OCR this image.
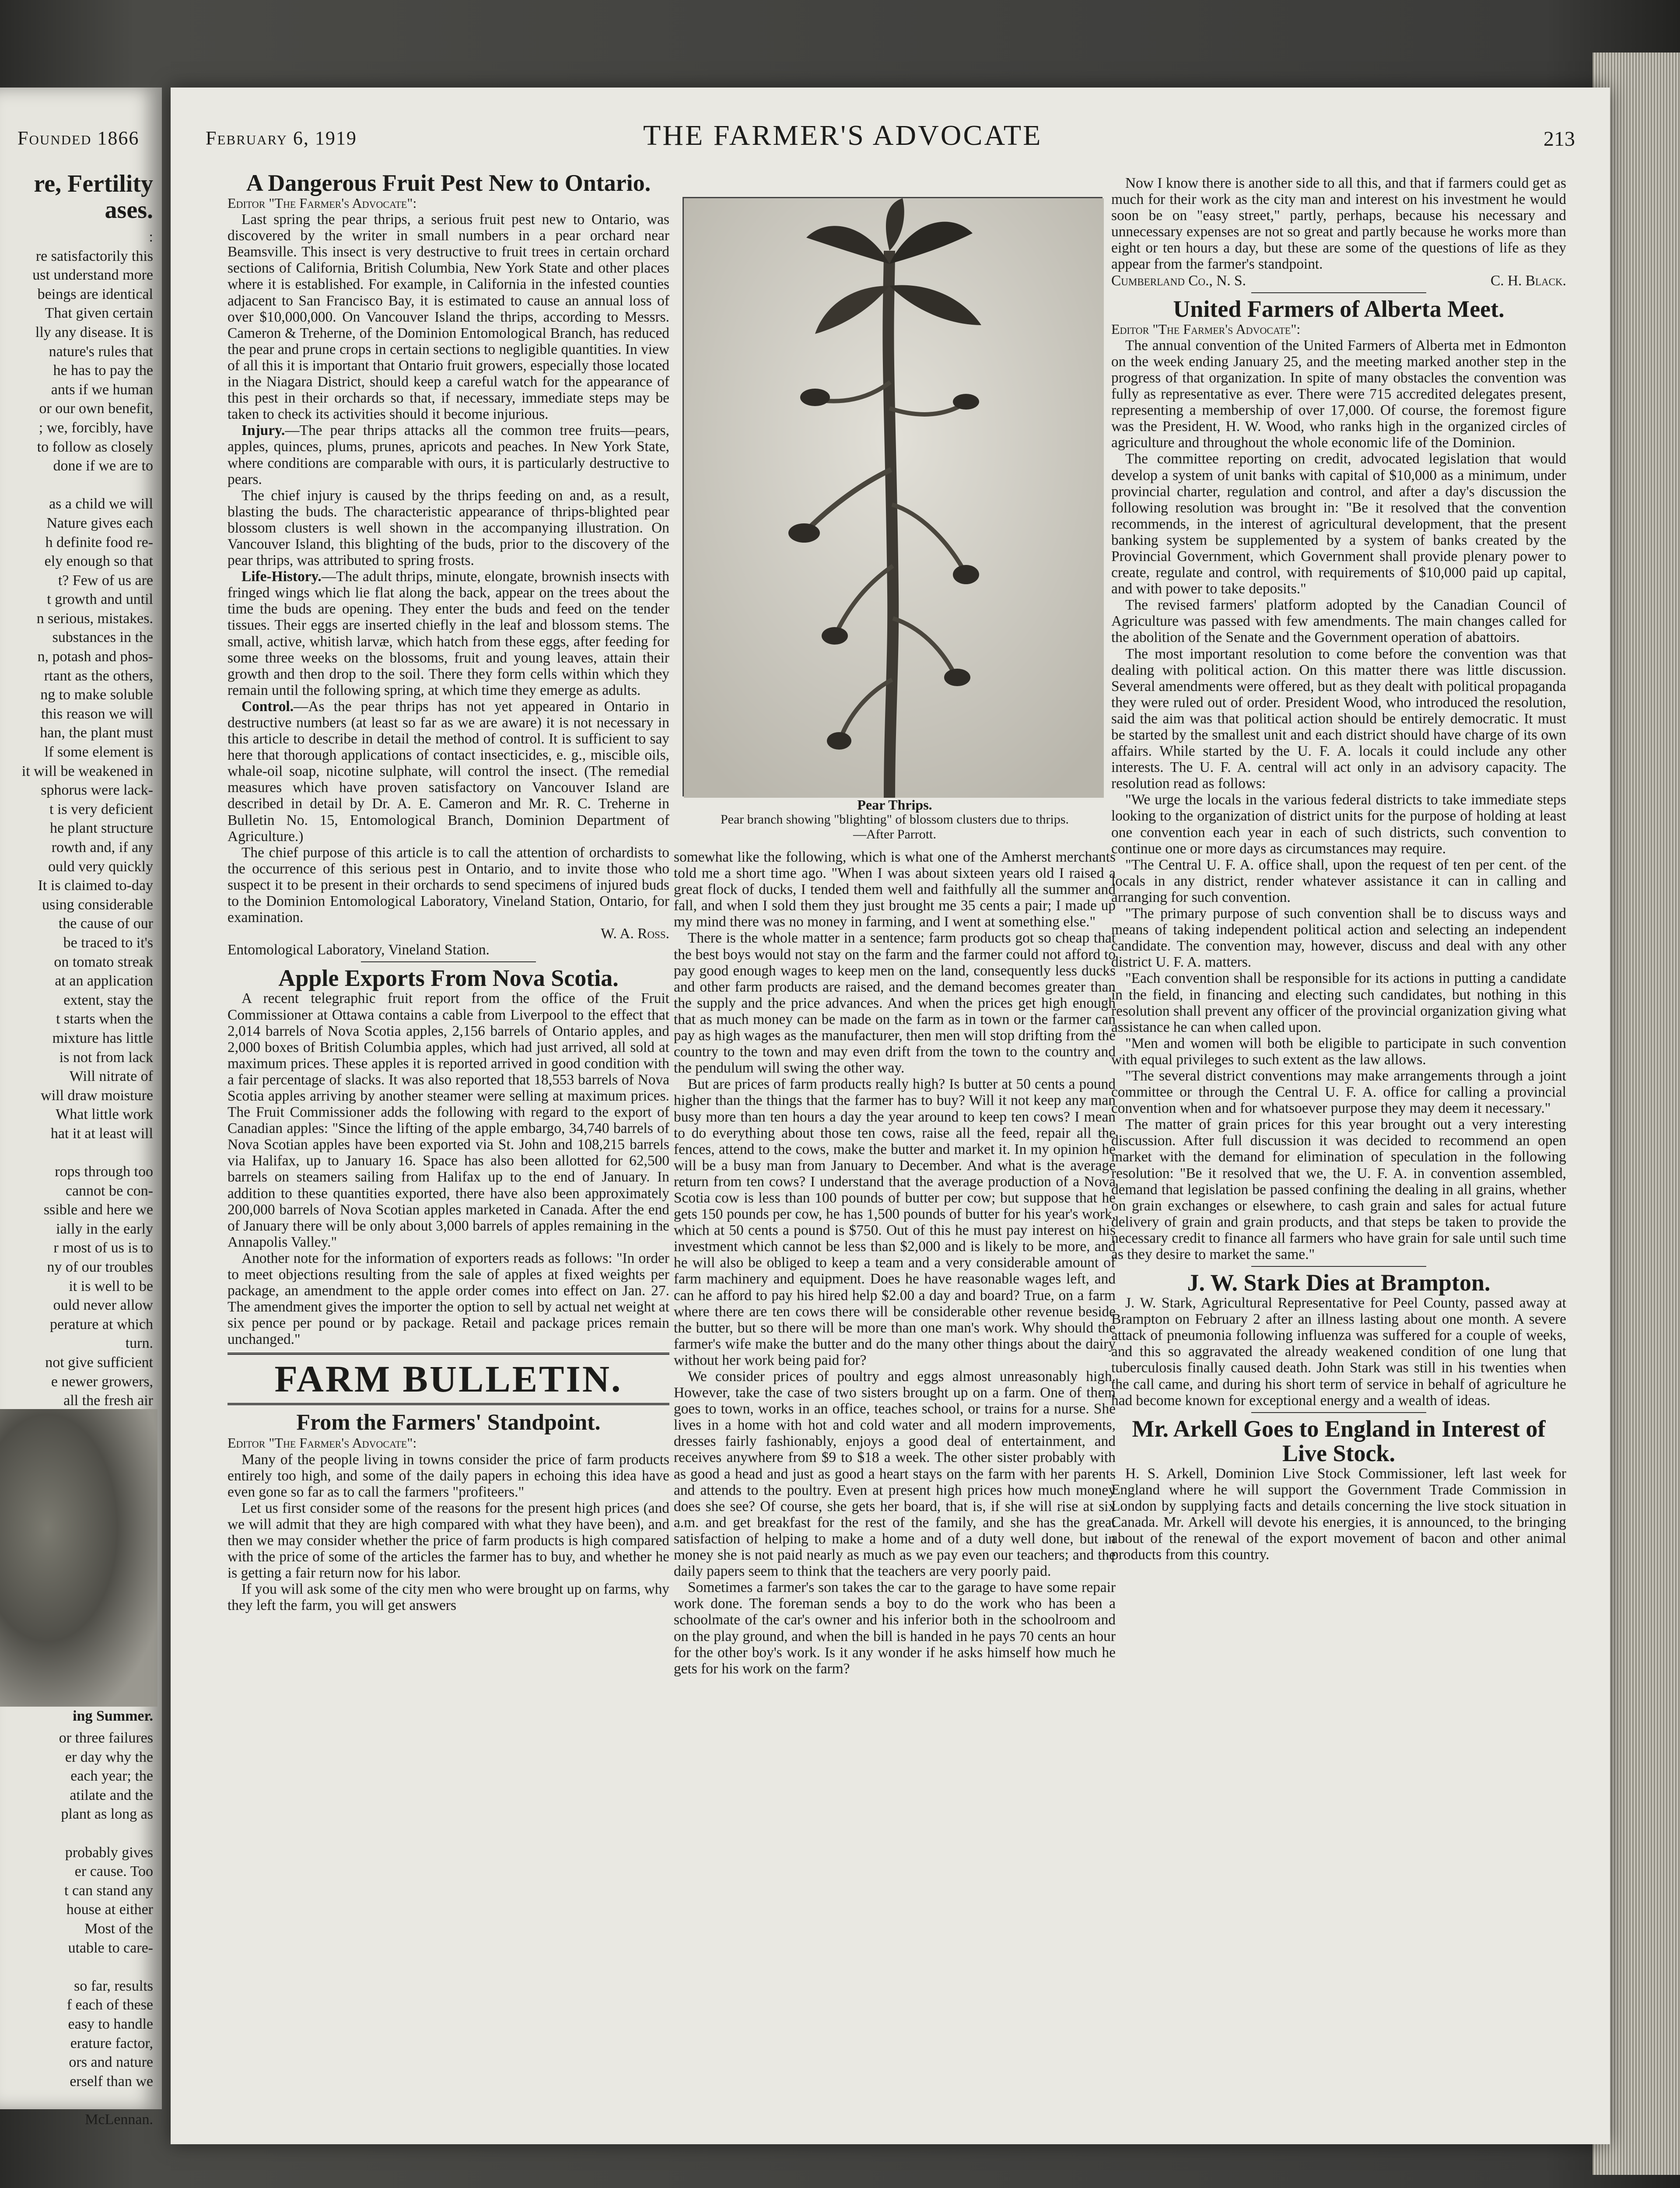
Founded 1866
re, Fertility
ases.
:
re satisfactorily this
ust understand more
beings are identical
That given certain
lly any disease. It is
nature's rules that
he has to pay the
ants if we human
or our own benefit,
; we, forcibly, have
to follow as closely
done if we are to

as a child we will
Nature gives each
h definite food re-
ely enough so that
t? Few of us are
t growth and until
n serious, mistakes.
substances in the
n, potash and phos-
rtant as the others,
ng to make soluble
this reason we will
han, the plant must
lf some element is
it will be weakened in
sphorus were lack-
t is very deficient
he plant structure
rowth and, if any
ould very quickly
It is claimed to-day
using considerable
the cause of our
be traced to it's
on tomato streak
at an application
extent, stay the
t starts when the
mixture has little
is not from lack
Will nitrate of
will draw moisture
What little work
hat it at least will

rops through too
cannot be con-
ssible and here we
ially in the early
r most of us is to
ny of our troubles
it is well to be
ould never allow
perature at which
turn.
not give sufficient
e newer growers,
all the fresh air
ing Summer.
or three failures
er day why the
each year; the
atilate and the
plant as long as

probably gives
er cause. Too
t can stand any
house at either
Most of the
utable to care-

so far, results
f each of these
easy to handle
erature factor,
ors and nature
erself than we

McLennan.
February 6, 1919	THE FARMER'S ADVOCATE	213
A Dangerous Fruit Pest New to Ontario.

Editor "The Farmer's Advocate":

Last spring the pear thrips, a serious fruit pest new to Ontario, was discovered by the writer in small numbers in a pear orchard near Beamsville. This insect is very destructive to fruit trees in certain orchard sections of California, British Columbia, New York State and other places where it is established. For example, in California in the infested counties adjacent to San Francisco Bay, it is estimated to cause an annual loss of over $10,000,000. On Vancouver Island the thrips, according to Messrs. Cameron & Treherne, of the Dominion Entomological Branch, has reduced the pear and prune crops in certain sections to negligible quantities. In view of all this it is important that Ontario fruit growers, especially those located in the Niagara District, should keep a careful watch for the appearance of this pest in their orchards so that, if necessary, immediate steps may be taken to check its activities should it become injurious.

Injury.—The pear thrips attacks all the common tree fruits—pears, apples, quinces, plums, prunes, apricots and peaches. In New York State, where conditions are comparable with ours, it is particularly destructive to pears.

The chief injury is caused by the thrips feeding on and, as a result, blasting the buds. The characteristic appearance of thrips-blighted pear blossom clusters is well shown in the accompanying illustration. On Vancouver Island, this blighting of the buds, prior to the discovery of the pear thrips, was attributed to spring frosts.

Life-History.—The adult thrips, minute, elongate, brownish insects with fringed wings which lie flat along the back, appear on the trees about the time the buds are opening. They enter the buds and feed on the tender tissues. Their eggs are inserted chiefly in the leaf and blossom stems. The small, active, whitish larvæ, which hatch from these eggs, after feeding for some three weeks on the blossoms, fruit and young leaves, attain their growth and then drop to the soil. There they form cells within which they remain until the following spring, at which time they emerge as adults.

Control.—As the pear thrips has not yet appeared in Ontario in destructive numbers (at least so far as we are aware) it is not necessary in this article to describe in detail the method of control. It is sufficient to say here that thorough applications of contact insecticides, e. g., miscible oils, whale-oil soap, nicotine sulphate, will control the insect. (The remedial measures which have proven satisfactory on Vancouver Island are described in detail by Dr. A. E. Cameron and Mr. R. C. Treherne in Bulletin No. 15, Entomological Branch, Dominion Department of Agriculture.)

The chief purpose of this article is to call the attention of orchardists to the occurrence of this serious pest in Ontario, and to invite those who suspect it to be present in their orchards to send specimens of injured buds to the Dominion Entomological Laboratory, Vineland Station, Ontario, for examination.

W. A. Ross.

Entomological Laboratory, Vineland Station.

Apple Exports From Nova Scotia.

A recent telegraphic fruit report from the office of the Fruit Commissioner at Ottawa contains a cable from Liverpool to the effect that 2,014 barrels of Nova Scotia apples, 2,156 barrels of Ontario apples, and 2,000 boxes of British Columbia apples, which had just arrived, all sold at maximum prices. These apples it is reported arrived in good condition with a fair percentage of slacks. It was also reported that 18,553 barrels of Nova Scotia apples arriving by another steamer were selling at maximum prices. The Fruit Commissioner adds the following with regard to the export of Canadian apples: "Since the lifting of the apple embargo, 34,740 barrels of Nova Scotian apples have been exported via St. John and 108,215 barrels via Halifax, up to January 16. Space has also been allotted for 62,500 barrels on steamers sailing from Halifax up to the end of January. In addition to these quantities exported, there have also been approximately 200,000 barrels of Nova Scotian apples marketed in Canada. After the end of January there will be only about 3,000 barrels of apples remaining in the Annapolis Valley."

Another note for the information of exporters reads as follows: "In order to meet objections resulting from the sale of apples at fixed weights per package, an amendment to the apple order comes into effect on Jan. 27. The amendment gives the importer the option to sell by actual net weight at six pence per pound or by package. Retail and package prices remain unchanged."

FARM BULLETIN.
From the Farmers' Standpoint.

Editor "The Farmer's Advocate":

Many of the people living in towns consider the price of farm products entirely too high, and some of the daily papers in echoing this idea have even gone so far as to call the farmers "profiteers."

Let us first consider some of the reasons for the present high prices (and we will admit that they are high compared with what they have been), and then we may consider whether the price of farm products is high compared with the price of some of the articles the farmer has to buy, and whether he is getting a fair return now for his labor.

If you will ask some of the city men who were brought up on farms, why they left the farm, you will get answers

Pear Thrips.
Pear branch showing "blighting" of blossom clusters due to thrips.
—After Parrott.

somewhat like the following, which is what one of the Amherst merchants told me a short time ago. "When I was about sixteen years old I raised a great flock of ducks, I tended them well and faithfully all the summer and fall, and when I sold them they just brought me 35 cents a pair; I made up my mind there was no money in farming, and I went at something else."

There is the whole matter in a sentence; farm products got so cheap that the best boys would not stay on the farm and the farmer could not afford to pay good enough wages to keep men on the land, consequently less ducks and other farm products are raised, and the demand becomes greater than the supply and the price advances. And when the prices get high enough that as much money can be made on the farm as in town or the farmer can pay as high wages as the manufacturer, then men will stop drifting from the country to the town and may even drift from the town to the country and the pendulum will swing the other way.

But are prices of farm products really high? Is butter at 50 cents a pound higher than the things that the farmer has to buy? Will it not keep any man busy more than ten hours a day the year around to keep ten cows? I mean to do everything about those ten cows, raise all the feed, repair all the fences, attend to the cows, make the butter and market it. In my opinion he will be a busy man from January to December. And what is the average return from ten cows? I understand that the average production of a Nova Scotia cow is less than 100 pounds of butter per cow; but suppose that he gets 150 pounds per cow, he has 1,500 pounds of butter for his year's work, which at 50 cents a pound is $750. Out of this he must pay interest on his investment which cannot be less than $2,000 and is likely to be more, and he will also be obliged to keep a team and a very considerable amount of farm machinery and equipment. Does he have reasonable wages left, and can he afford to pay his hired help $2.00 a day and board? True, on a farm where there are ten cows there will be considerable other revenue beside the butter, but so there will be more than one man's work. Why should the farmer's wife make the butter and do the many other things about the dairy without her work being paid for?

We consider prices of poultry and eggs almost unreasonably high. However, take the case of two sisters brought up on a farm. One of them goes to town, works in an office, teaches school, or trains for a nurse. She lives in a home with hot and cold water and all modern improvements, dresses fairly fashionably, enjoys a good deal of entertainment, and receives anywhere from $9 to $18 a week. The other sister probably with as good a head and just as good a heart stays on the farm with her parents and attends to the poultry. Even at present high prices how much money does she see? Of course, she gets her board, that is, if she will rise at six a.m. and get breakfast for the rest of the family, and she has the great satisfaction of helping to make a home and of a duty well done, but in money she is not paid nearly as much as we pay even our teachers; and the daily papers seem to think that the teachers are very poorly paid.

Sometimes a farmer's son takes the car to the garage to have some repair work done. The foreman sends a boy to do the work who has been a schoolmate of the car's owner and his inferior both in the schoolroom and on the play ground, and when the bill is handed in he pays 70 cents an hour for the other boy's work. Is it any wonder if he asks himself how much he gets for his work on the farm?

Now I know there is another side to all this, and that if farmers could get as much for their work as the city man and interest on his investment he would soon be on "easy street," partly, perhaps, because his necessary and unnecessary expenses are not so great and partly because he works more than eight or ten hours a day, but these are some of the questions of life as they appear from the farmer's standpoint.

Cumberland Co., N. S.	C. H. Black.
United Farmers of Alberta Meet.

Editor "The Farmer's Advocate":

The annual convention of the United Farmers of Alberta met in Edmonton on the week ending January 25, and the meeting marked another step in the progress of that organization. In spite of many obstacles the convention was fully as representative as ever. There were 715 accredited delegates present, representing a membership of over 17,000. Of course, the foremost figure was the President, H. W. Wood, who ranks high in the organized circles of agriculture and throughout the whole economic life of the Dominion.

The committee reporting on credit, advocated legislation that would develop a system of unit banks with capital of $10,000 as a minimum, under provincial charter, regulation and control, and after a day's discussion the following resolution was brought in: "Be it resolved that the convention recommends, in the interest of agricultural development, that the present banking system be supplemented by a system of banks created by the Provincial Government, which Government shall provide plenary power to create, regulate and control, with requirements of $10,000 paid up capital, and with power to take deposits."

The revised farmers' platform adopted by the Canadian Council of Agriculture was passed with few amendments. The main changes called for the abolition of the Senate and the Government operation of abattoirs.

The most important resolution to come before the convention was that dealing with political action. On this matter there was little discussion. Several amendments were offered, but as they dealt with political propaganda they were ruled out of order. President Wood, who introduced the resolution, said the aim was that political action should be entirely democratic. It must be started by the smallest unit and each district should have charge of its own affairs. While started by the U. F. A. locals it could include any other interests. The U. F. A. central will act only in an advisory capacity. The resolution read as follows:

"We urge the locals in the various federal districts to take immediate steps looking to the organization of district units for the purpose of holding at least one convention each year in each of such districts, such convention to continue one or more days as circumstances may require.

"The Central U. F. A. office shall, upon the request of ten per cent. of the locals in any district, render whatever assistance it can in calling and arranging for such convention.

"The primary purpose of such convention shall be to discuss ways and means of taking independent political action and selecting an independent candidate. The convention may, however, discuss and deal with any other district U. F. A. matters.

"Each convention shall be responsible for its actions in putting a candidate in the field, in financing and electing such candidates, but nothing in this resolution shall prevent any officer of the provincial organization giving what assistance he can when called upon.

"Men and women will both be eligible to participate in such convention with equal privileges to such extent as the law allows.

"The several district conventions may make arrangements through a joint committee or through the Central U. F. A. office for calling a provincial convention when and for whatsoever purpose they may deem it necessary."

The matter of grain prices for this year brought out a very interesting discussion. After full discussion it was decided to recommend an open market with the demand for elimination of speculation in the following resolution: "Be it resolved that we, the U. F. A. in convention assembled, demand that legislation be passed confining the dealing in all grains, whether on grain exchanges or elsewhere, to cash grain and sales for actual future delivery of grain and grain products, and that steps be taken to provide the necessary credit to finance all farmers who have grain for sale until such time as they desire to market the same."

J. W. Stark Dies at Brampton.

J. W. Stark, Agricultural Representative for Peel County, passed away at Brampton on February 2 after an illness lasting about one month. A severe attack of pneumonia following influenza was suffered for a couple of weeks, and this so aggravated the already weakened condition of one lung that tuberculosis finally caused death. John Stark was still in his twenties when the call came, and during his short term of service in behalf of agriculture he had become known for exceptional energy and a wealth of ideas.

Mr. Arkell Goes to England in Interest of Live Stock.

H. S. Arkell, Dominion Live Stock Commissioner, left last week for England where he will support the Government Trade Commission in London by supplying facts and details concerning the live stock situation in Canada. Mr. Arkell will devote his energies, it is announced, to the bringing about of the renewal of the export movement of bacon and other animal products from this country.
